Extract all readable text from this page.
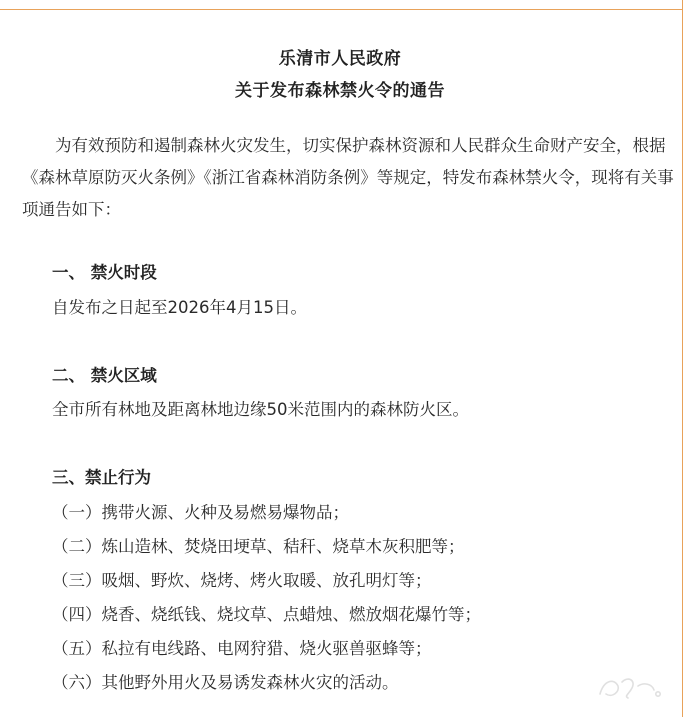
乐清市人民政府
关于发布森林禁火令的通告

为有效预防和遏制森林火灾发生，切实保护森林资源和人民群众生命财产安全，根据《森林草原防灭火条例》《浙江省森林消防条例》等规定，特发布森林禁火令，现将有关事项通告如下：

一、 禁火时段
自发布之日起至2026年4月15日。
二、 禁火区域
全市所有林地及距离林地边缘50米范围内的森林防火区。
三、禁止行为
（一）携带火源、火种及易燃易爆物品；
（二）炼山造林、焚烧田埂草、秸秆、烧草木灰积肥等；
（三）吸烟、野炊、烧烤、烤火取暖、放孔明灯等；
（四）烧香、烧纸钱、烧坟草、点蜡烛、燃放烟花爆竹等；
（五）私拉有电线路、电网狩猎、烧火驱兽驱蜂等；
（六）其他野外用火及易诱发森林火灾的活动。
